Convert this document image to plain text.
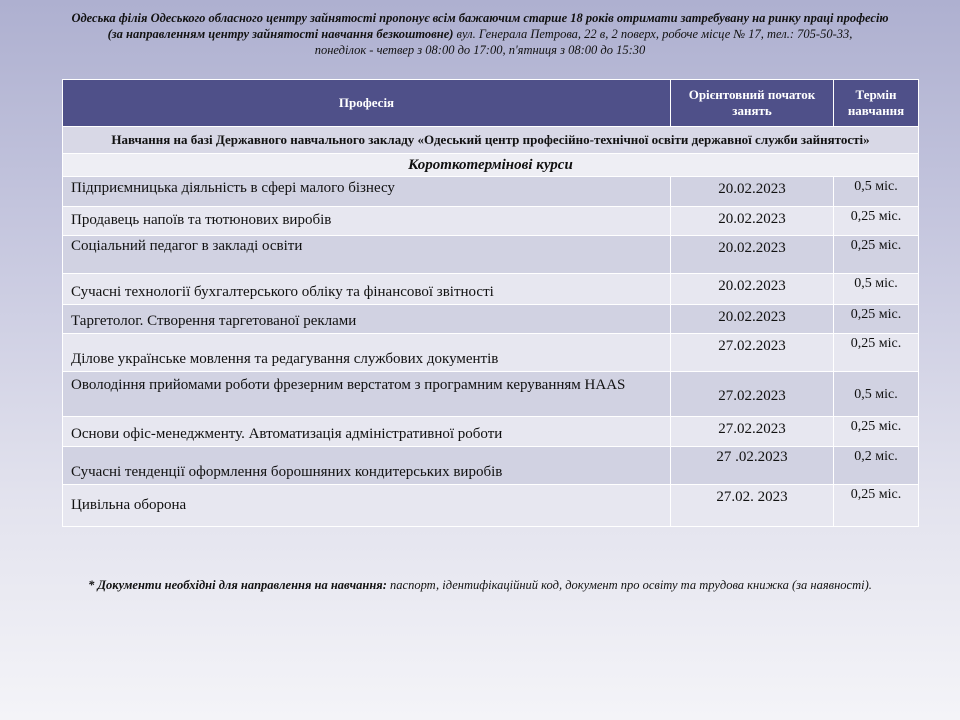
Одеська філія Одеського обласного центру зайнятості пропонує всім бажаючим старше 18 років отримати затребувану на ринку праці професію
(за направленням центру зайнятості навчання безкоштовне) вул. Генерала Петрова, 22 в, 2 поверх, робоче місце № 17, тел.: 705-50-33,
понеділок - четвер з 08:00 до 17:00, п'ятниця з 08:00 до 15:30
Професія	Орієнтовний початок занять	Термін навчання
Навчання на базі Державного навчального закладу «Одеський центр професійно-технічної освіти державної служби зайнятості»		
Короткотермінові курси		
Підприємницька діяльність в сфері малого бізнесу	20.02.2023	0,5 міс.
Продавець напоїв та тютюнових виробів	20.02.2023	0,25 міс.
Соціальний педагог в закладі освіти	20.02.2023	0,25 міс.
Сучасні технології бухгалтерського обліку та фінансової звітності	20.02.2023	0,5 міс.
Таргетолог. Створення таргетованої реклами	20.02.2023	0,25 міс.
Ділове українське мовлення та редагування службових документів	27.02.2023	0,25 міс.
Оволодіння прийомами роботи фрезерним верстатом з програмним керуванням HAAS	27.02.2023	0,5 міс.
Основи офіс-менеджменту. Автоматизація адміністративної роботи	27.02.2023	0,25 міс.
Сучасні тенденції оформлення борошняних кондитерських виробів	27 .02.2023	0,2 міс.
Цивільна оборона	27.02. 2023	0,25 міс.
* Документи необхідні для направлення на навчання: паспорт, ідентифікаційний код, документ про освіту та трудова книжка (за наявності).
